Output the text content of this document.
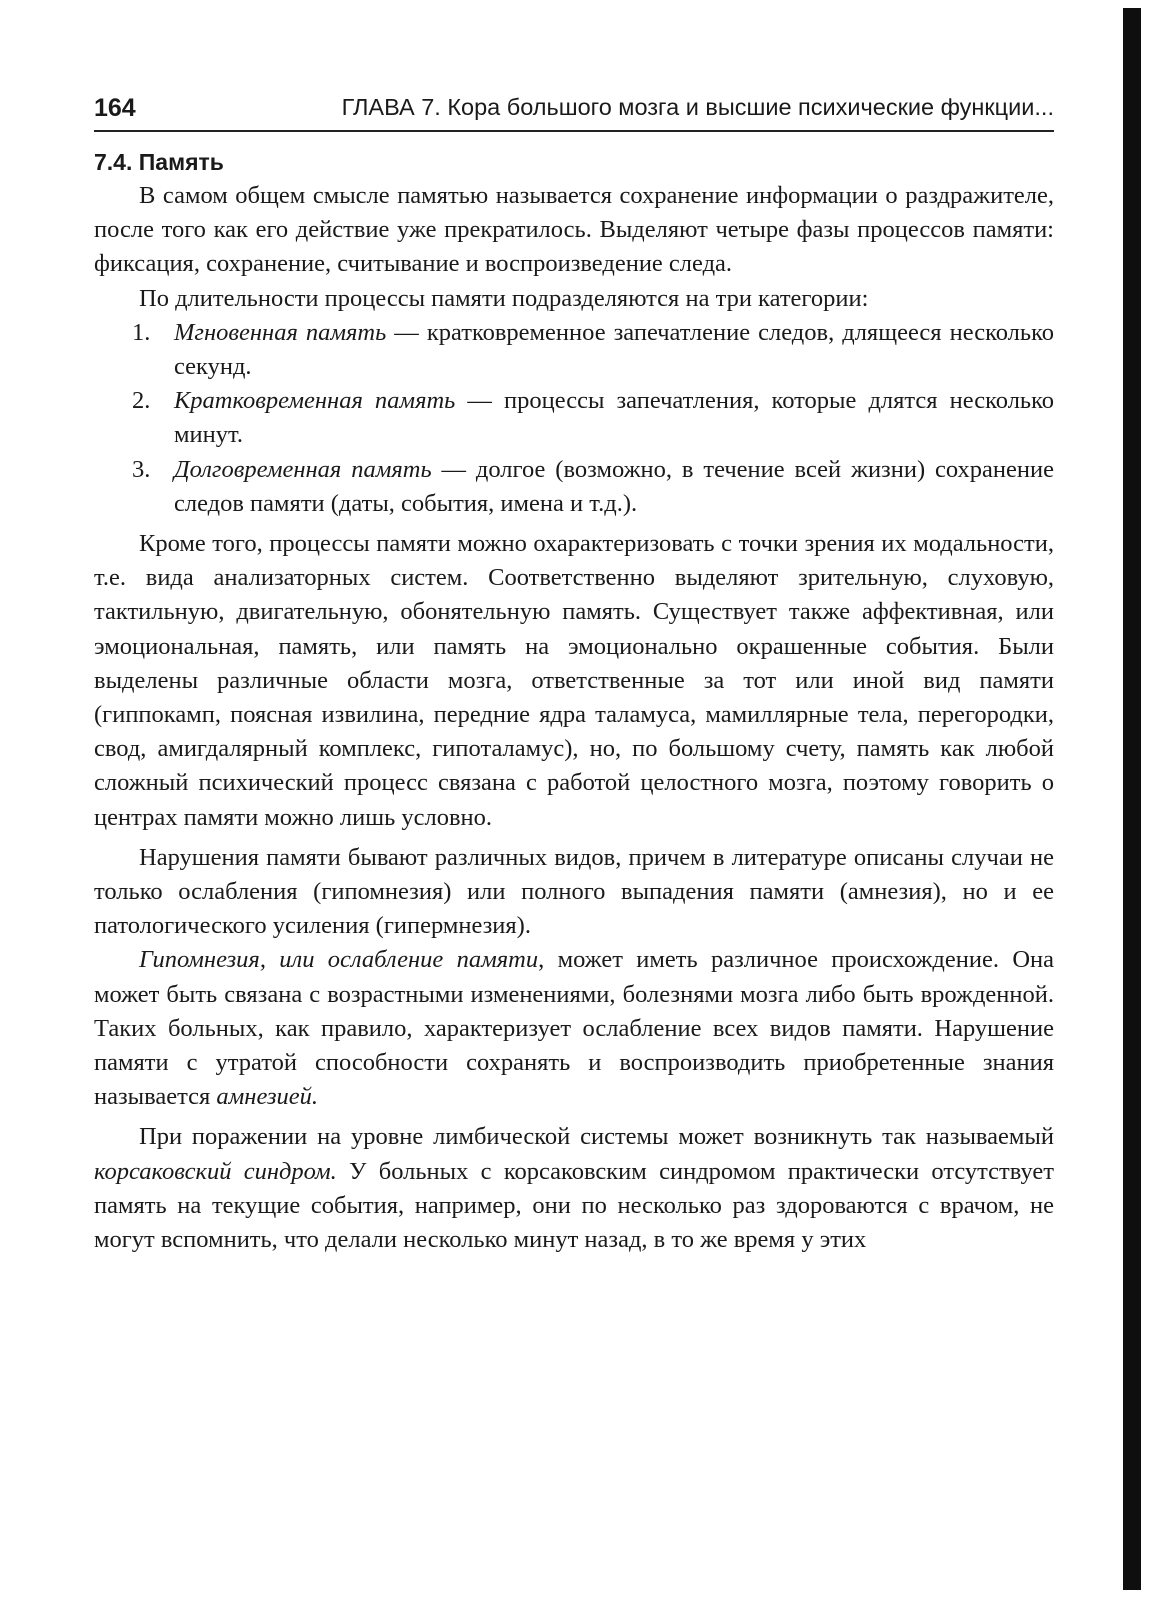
164	ГЛАВА 7. Кора большого мозга и высшие психические функции...
7.4. Память

В самом общем смысле памятью называется сохранение информации о раздражителе, после того как его действие уже прекратилось. Выделяют четыре фазы процессов памяти: фиксация, сохранение, считывание и воспроизведение следа.

По длительности процессы памяти подразделяются на три категории:

1. Мгновенная память — кратковременное запечатление следов, длящееся несколько секунд.
2. Кратковременная память — процессы запечатления, которые длятся несколько минут.
3. Долговременная память — долгое (возможно, в течение всей жизни) сохранение следов памяти (даты, события, имена и т.д.).

Кроме того, процессы памяти можно охарактеризовать с точки зрения их модальности, т.е. вида анализаторных систем. Соответственно выделяют зрительную, слуховую, тактильную, двигательную, обонятельную память. Существует также аффективная, или эмоциональная, память, или память на эмоционально окрашенные события. Были выделены различные области мозга, ответственные за тот или иной вид памяти (гиппокамп, поясная извилина, передние ядра таламуса, мамиллярные тела, перегородки, свод, амигдалярный комплекс, гипоталамус), но, по большому счету, память как любой сложный психический процесс связана с работой целостного мозга, поэтому говорить о центрах памяти можно лишь условно.

Нарушения памяти бывают различных видов, причем в литературе описаны случаи не только ослабления (гипомнезия) или полного выпадения памяти (амнезия), но и ее патологического усиления (гипермнезия).

Гипомнезия, или ослабление памяти, может иметь различное происхождение. Она может быть связана с возрастными изменениями, болезнями мозга либо быть врожденной. Таких больных, как правило, характеризует ослабление всех видов памяти. Нарушение памяти с утратой способности сохранять и воспроизводить приобретенные знания называется амнезией.

При поражении на уровне лимбической системы может возникнуть так называемый корсаковский синдром. У больных с корсаковским синдромом практически отсутствует память на текущие события, например, они по несколько раз здороваются с врачом, не могут вспомнить, что делали несколько минут назад, в то же время у этих
